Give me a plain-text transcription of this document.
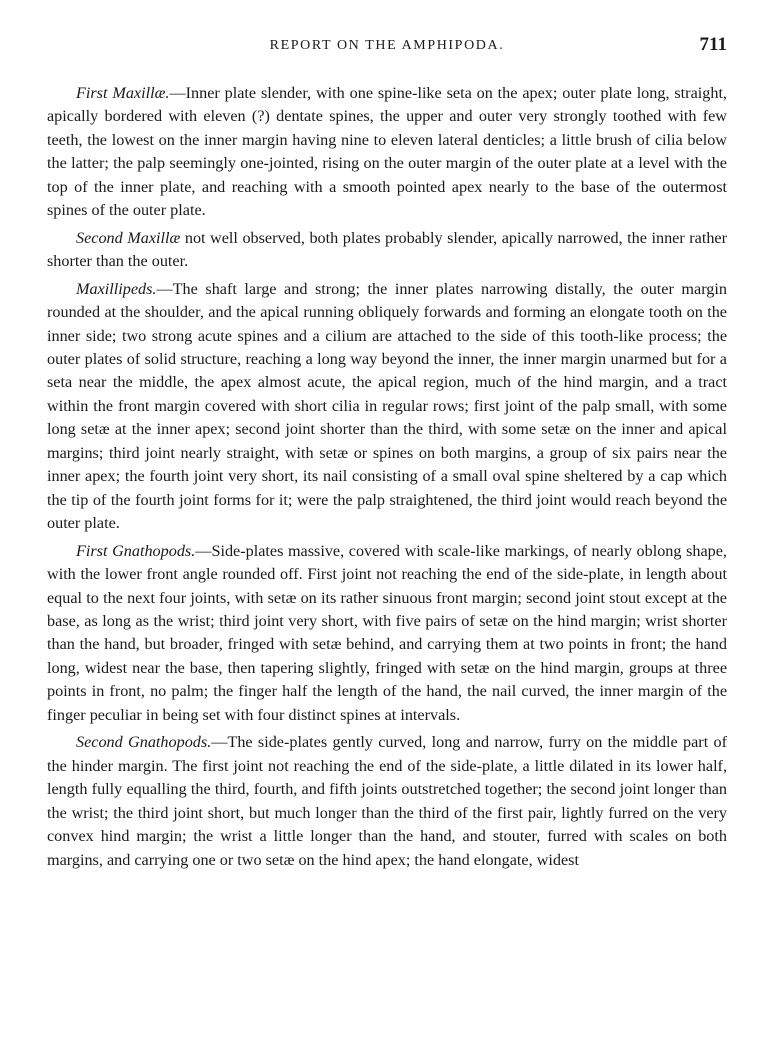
REPORT ON THE AMPHIPODA.	711

First Maxillæ.—Inner plate slender, with one spine-like seta on the apex; outer plate long, straight, apically bordered with eleven (?) dentate spines, the upper and outer very strongly toothed with few teeth, the lowest on the inner margin having nine to eleven lateral denticles; a little brush of cilia below the latter; the palp seemingly one-jointed, rising on the outer margin of the outer plate at a level with the top of the inner plate, and reaching with a smooth pointed apex nearly to the base of the outermost spines of the outer plate.

Second Maxillæ not well observed, both plates probably slender, apically narrowed, the inner rather shorter than the outer.

Maxillipeds.—The shaft large and strong; the inner plates narrowing distally, the outer margin rounded at the shoulder, and the apical running obliquely forwards and forming an elongate tooth on the inner side; two strong acute spines and a cilium are attached to the side of this tooth-like process; the outer plates of solid structure, reaching a long way beyond the inner, the inner margin unarmed but for a seta near the middle, the apex almost acute, the apical region, much of the hind margin, and a tract within the front margin covered with short cilia in regular rows; first joint of the palp small, with some long setæ at the inner apex; second joint shorter than the third, with some setæ on the inner and apical margins; third joint nearly straight, with setæ or spines on both margins, a group of six pairs near the inner apex; the fourth joint very short, its nail consisting of a small oval spine sheltered by a cap which the tip of the fourth joint forms for it; were the palp straightened, the third joint would reach beyond the outer plate.

First Gnathopods.—Side-plates massive, covered with scale-like markings, of nearly oblong shape, with the lower front angle rounded off. First joint not reaching the end of the side-plate, in length about equal to the next four joints, with setæ on its rather sinuous front margin; second joint stout except at the base, as long as the wrist; third joint very short, with five pairs of setæ on the hind margin; wrist shorter than the hand, but broader, fringed with setæ behind, and carrying them at two points in front; the hand long, widest near the base, then tapering slightly, fringed with setæ on the hind margin, groups at three points in front, no palm; the finger half the length of the hand, the nail curved, the inner margin of the finger peculiar in being set with four distinct spines at intervals.

Second Gnathopods.—The side-plates gently curved, long and narrow, furry on the middle part of the hinder margin. The first joint not reaching the end of the side-plate, a little dilated in its lower half, length fully equalling the third, fourth, and fifth joints outstretched together; the second joint longer than the wrist; the third joint short, but much longer than the third of the first pair, lightly furred on the very convex hind margin; the wrist a little longer than the hand, and stouter, furred with scales on both margins, and carrying one or two setæ on the hind apex; the hand elongate, widest
